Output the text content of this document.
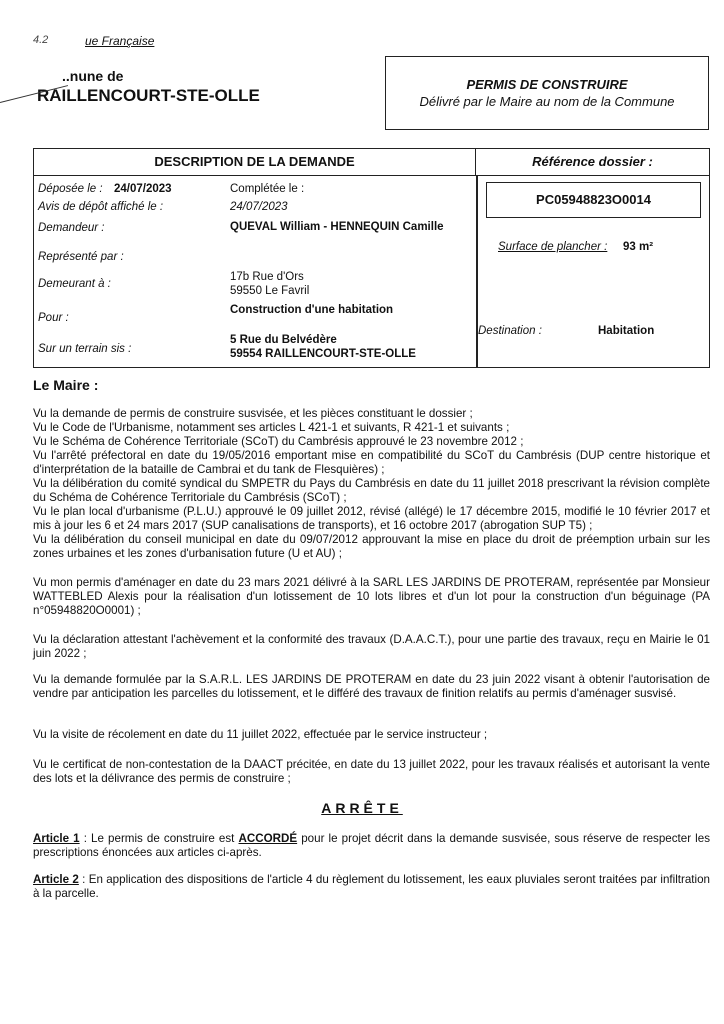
4.2	ue Française
..nune de
RAILLENCOURT-STE-OLLE
PERMIS DE CONSTRUIRE
Délivré par le Maire au nom de la Commune
DESCRIPTION DE LA DEMANDE	Référence dossier :
PC05948823O0014
Déposée le : 24/07/2023	Complétée le :
Avis de dépôt affiché le :	24/07/2023
Demandeur :	QUEVAL William - HENNEQUIN Camille
Représenté par :
Demeurant à :
17b Rue d'Ors
59550 Le Favril
Pour :
Construction d'une habitation
Sur un terrain sis :
5 Rue du Belvédère
59554 RAILLENCOURT-STE-OLLE
Surface de plancher : 93 m²
Destination :	Habitation
Le Maire :
Vu la demande de permis de construire susvisée, et les pièces constituant le dossier ;
Vu le Code de l'Urbanisme, notamment ses articles L 421-1 et suivants, R 421-1 et suivants ;
Vu le Schéma de Cohérence Territoriale (SCoT) du Cambrésis approuvé le 23 novembre 2012 ;
Vu l'arrêté préfectoral en date du 19/05/2016 emportant mise en compatibilité du SCoT du Cambrésis (DUP centre historique et d'interprétation de la bataille de Cambrai et du tank de Flesquières) ;
Vu la délibération du comité syndical du SMPETR du Pays du Cambrésis en date du 11 juillet 2018 prescrivant la révision complète du Schéma de Cohérence Territoriale du Cambrésis (SCoT) ;
Vu le plan local d'urbanisme (P.L.U.) approuvé le 09 juillet 2012, révisé (allégé) le 17 décembre 2015, modifié le 10 février 2017 et mis à jour les 6 et 24 mars 2017 (SUP canalisations de transports), et 16 octobre 2017 (abrogation SUP T5) ;
Vu la délibération du conseil municipal en date du 09/07/2012 approuvant la mise en place du droit de préemption urbain sur les zones urbaines et les zones d'urbanisation future (U et AU) ;
Vu mon permis d'aménager en date du 23 mars 2021 délivré à la SARL LES JARDINS DE PROTERAM, représentée par Monsieur WATTEBLED Alexis pour la réalisation d'un lotissement de 10 lots libres et d'un lot pour la construction d'un béguinage (PA n°05948820O0001) ;
Vu la déclaration attestant l'achèvement et la conformité des travaux (D.A.A.C.T.), pour une partie des travaux, reçu en Mairie le 01 juin 2022 ;
Vu la demande formulée par la S.A.R.L. LES JARDINS DE PROTERAM en date du 23 juin 2022 visant à obtenir l'autorisation de vendre par anticipation les parcelles du lotissement, et le différé des travaux de finition relatifs au permis d'aménager susvisé.
Vu la visite de récolement en date du 11 juillet 2022, effectuée par le service instructeur ;
Vu le certificat de non-contestation de la DAACT précitée, en date du 13 juillet 2022, pour les travaux réalisés et autorisant la vente des lots et la délivrance des permis de construire ;
ARRÊTE
Article 1 : Le permis de construire est ACCORDÉ pour le projet décrit dans la demande susvisée, sous réserve de respecter les prescriptions énoncées aux articles ci-après.
Article 2 : En application des dispositions de l'article 4 du règlement du lotissement, les eaux pluviales seront traitées par infiltration à la parcelle.
